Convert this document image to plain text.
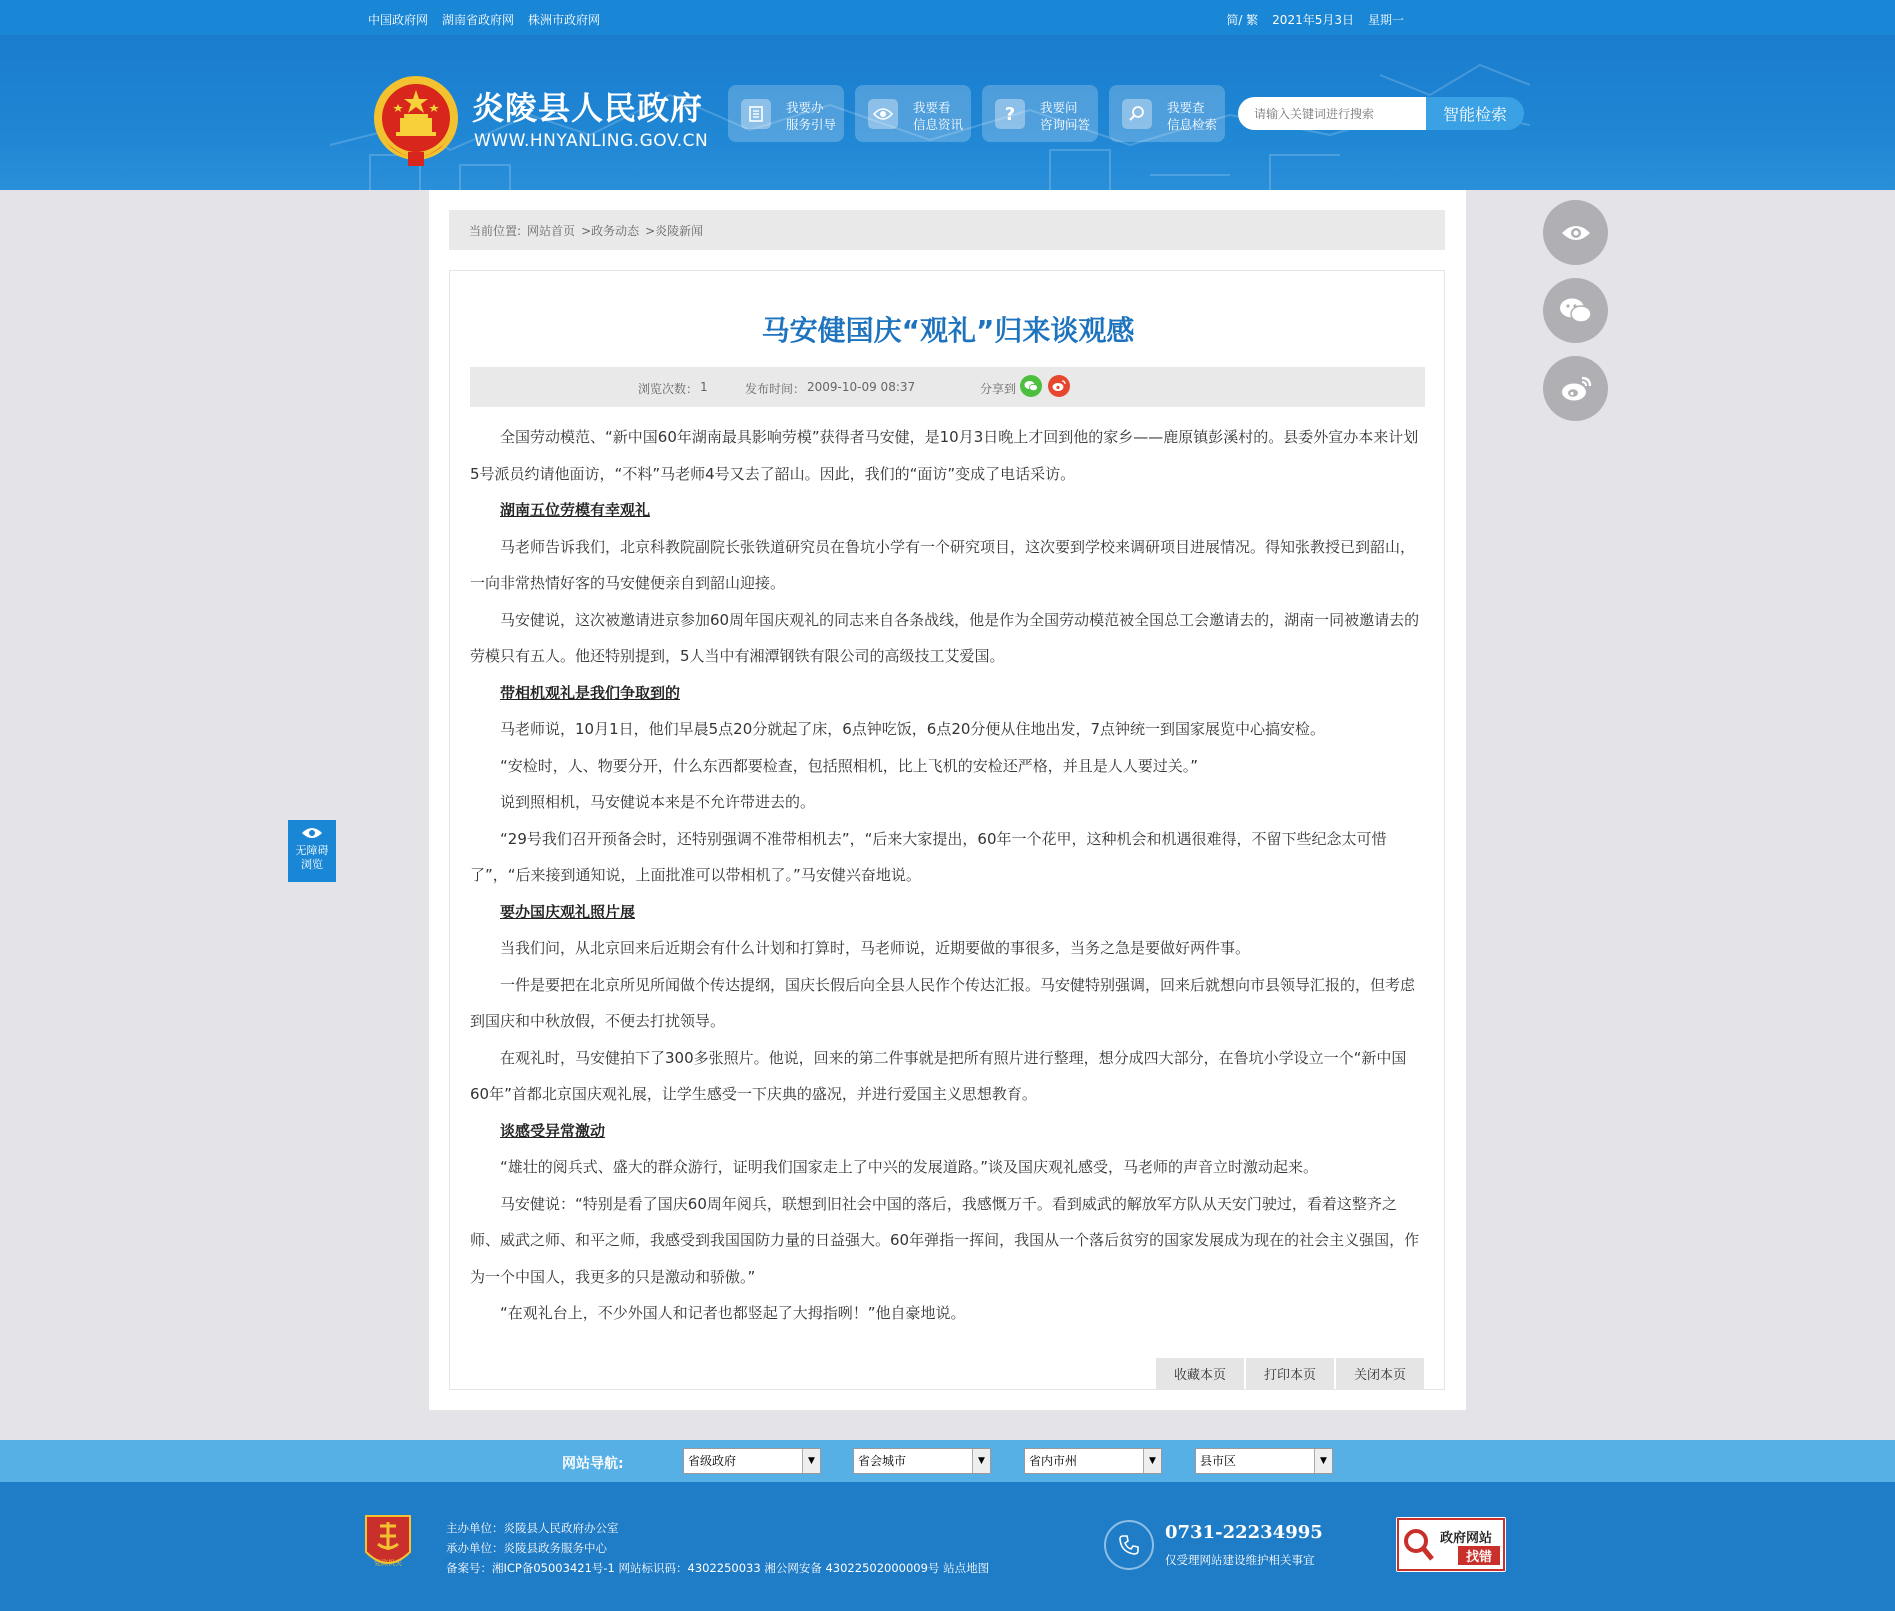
中国政府网 湖南省政府网 株洲市政府网	简/ 繁 2021年5月3日 星期一
炎陵县人民政府
WWW.HNYANLING.GOV.CN
我要办
服务引导
我要看
信息资讯	?	我要问
咨询问答
我要查
信息检索
请输入关键词进行搜索
智能检索
当前位置: 网站首页 >政务动态 >炎陵新闻
马安健国庆“观礼”归来谈观感
浏览次数： 1	发布时间： 2009-10-09 08:37	分享到

全国劳动模范、“新中国60年湖南最具影响劳模”获得者马安健，是10月3日晚上才回到他的家乡——鹿原镇彭溪村的。县委外宣办本来计划5号派员约请他面访，“不料”马老师4号又去了韶山。因此，我们的“面访”变成了电话采访。

湖南五位劳模有幸观礼

马老师告诉我们，北京科教院副院长张铁道研究员在鲁坑小学有一个研究项目，这次要到学校来调研项目进展情况。得知张教授已到韶山，一向非常热情好客的马安健便亲自到韶山迎接。

马安健说，这次被邀请进京参加60周年国庆观礼的同志来自各条战线，他是作为全国劳动模范被全国总工会邀请去的，湖南一同被邀请去的劳模只有五人。他还特别提到，5人当中有湘潭钢铁有限公司的高级技工艾爱国。

带相机观礼是我们争取到的

马老师说，10月1日，他们早晨5点20分就起了床，6点钟吃饭，6点20分便从住地出发，7点钟统一到国家展览中心搞安检。

“安检时，人、物要分开，什么东西都要检查，包括照相机，比上飞机的安检还严格，并且是人人要过关。”

说到照相机，马安健说本来是不允许带进去的。

“29号我们召开预备会时，还特别强调不准带相机去”，“后来大家提出，60年一个花甲，这种机会和机遇很难得，不留下些纪念太可惜了”，“后来接到通知说，上面批准可以带相机了。”马安健兴奋地说。

要办国庆观礼照片展

当我们问，从北京回来后近期会有什么计划和打算时，马老师说，近期要做的事很多，当务之急是要做好两件事。

一件是要把在北京所见所闻做个传达提纲，国庆长假后向全县人民作个传达汇报。马安健特别强调，回来后就想向市县领导汇报的，但考虑到国庆和中秋放假，不便去打扰领导。

在观礼时，马安健拍下了300多张照片。他说，回来的第二件事就是把所有照片进行整理，想分成四大部分，在鲁坑小学设立一个“新中国60年”首都北京国庆观礼展，让学生感受一下庆典的盛况，并进行爱国主义思想教育。

谈感受异常激动

“雄壮的阅兵式、盛大的群众游行，证明我们国家走上了中兴的发展道路。”谈及国庆观礼感受，马老师的声音立时激动起来。

马安健说：“特别是看了国庆60周年阅兵，联想到旧社会中国的落后，我感慨万千。看到威武的解放军方队从天安门驶过，看着这整齐之师、威武之师、和平之师，我感受到我国国防力量的日益强大。60年弹指一挥间，我国从一个落后贫穷的国家发展成为现在的社会主义强国，作为一个中国人，我更多的只是激动和骄傲。”

“在观礼台上，不少外国人和记者也都竖起了大拇指咧！”他自豪地说。

收藏本页	打印本页	关闭本页
无障碍
浏览
网站导航:	省级政府	▼	省会城市	▼	省内市州	▼	县市区	▼
党政机关
主办单位：炎陵县人民政府办公室
承办单位：炎陵县政务服务中心
备案号：湘ICP备05003421号-1 网站标识码：4302250033 湘公网安备 43022502000009号 站点地图
0731-22234995
仅受理网站建设维护相关事宜
政府网站
找错
